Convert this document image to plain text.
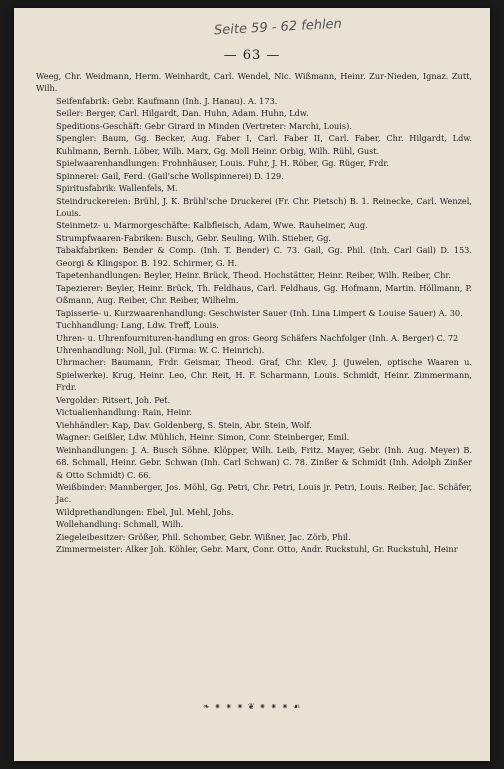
Seite 59 - 62 fehlen
— 63 —

Weeg, Chr. Weidmann, Herm. Weinhardt, Carl. Wendel, Nic. Wißmann, Heinr. Zur-Nieden, Ignaz. Zutt, Wilh.

Seifenfabrik: Gebr. Kaufmann (Inh. J. Hanau). A. 173.

Seiler: Berger, Carl. Hilgardt, Dan. Huhn, Adam. Huhn, Ldw.

Speditions-Geschäft: Gebr Girard in Minden (Vertreter: Marchi, Louis).

Spengler: Baum, Gg. Becker, Aug. Faber I, Carl. Faber II, Carl. Faber, Chr. Hilgardt, Ldw. Kuhlmann, Bernh. Löber, Wilh. Marx, Gg. Moll Heinr. Orbig, Wilh. Rühl, Gust.

Spielwaarenhandlungen: Frohnhäuser, Louis. Fuhr, J. H. Röber, Gg. Rüger, Frdr.

Spinnerei: Gail, Ferd. (Gail'sche Wollspinnerei) D. 129.

Spiritusfabrik: Wallenfels, M.

Steindruckereien: Brühl, J. K. Brühl'sche Druckerei (Fr. Chr. Pietsch) B. 1. Reinecke, Carl. Wenzel, Louis.

Steinmetz- u. Marmorgeschäfte: Kalbfleisch, Adam, Wwe. Rauheimer, Aug.

Strumpfwaaren-Fabriken: Busch, Gebr. Seuling, Wilh. Stieber, Gg.

Tabakfabriken: Bender & Comp. (Inh. T. Bender) C. 73. Gail, Gg. Phil. (Inh. Carl Gail) D. 153. Georgi & Klingspor. B. 192. Schirmer, G. H.

Tapetenhandlungen: Beyler, Heinr. Brück, Theod. Hochstätter, Heinr. Reiber, Wilh. Reiber, Chr.

Tapezierer: Beyler, Heinr. Brück, Th. Feldhaus, Carl. Feldhaus, Gg. Hofmann, Martin. Höllmann, P. Oßmann, Aug. Reiber, Chr. Reiber, Wilhelm.

Tapisserie- u. Kurzwaarenhandlung: Geschwister Sauer (Inh. Lina Limpert & Louise Sauer) A. 30.

Tuchhandlung: Lang, Ldw. Treff, Louis.

Uhren- u. Uhrenfournituren-handlung en gros: Georg Schäfers Nachfolger (Inh. A. Berger) C. 72

Uhrenhandlung: Noll, Jul. (Firma: W. C. Heinrich).

Uhrmacher: Baumann, Frdr. Geismar, Theod. Graf, Chr. Klev, J. (Juwelen, optische Waaren u. Spielwerke). Krug, Heinr. Leo, Chr. Reit, H. F. Scharmann, Louis. Schmidt, Heinr. Zimmermann, Frdr.

Vergolder: Ritsert, Joh. Pet.

Victualienhandlung: Rain, Heinr.

Viehhändler: Kap, Dav. Goldenberg, S. Stein, Abr. Stein, Wolf.

Wagner: Geißler, Ldw. Mühlich, Heinr. Simon, Conr. Steinberger, Emil.

Weinhandlungen: J. A. Busch Söhne. Klöpper, Wilh. Leib, Fritz. Mayer, Gebr. (Inh. Aug. Meyer) B. 68. Schmall, Heinr. Gebr. Schwan (Inh. Carl Schwan) C. 78. Zinßer & Schmidt (Inh. Adolph Zinßer & Otto Schmidt) C. 66.

Weißbinder: Mannberger, Jos. Möhl, Gg. Petri, Chr. Petri, Louis jr. Petri, Louis. Reiber, Jac. Schäfer, Jac.

Wildprethandlungen: Ebel, Jul. Mehl, Johs.

Wollehandlung: Schmall, Wilh.

Ziegeleibesitzer: Größer, Phil. Schomber, Gebr. Wißner, Jac. Zörb, Phil.

Zimmermeister: Alker Joh. Köhler, Gebr. Marx, Conr. Otto, Andr. Ruckstuhl, Gr. Ruckstuhl, Heinr

❧ ⁕ ⁕ ⁕ ❦ ⁕ ⁕ ⁕ ☙
